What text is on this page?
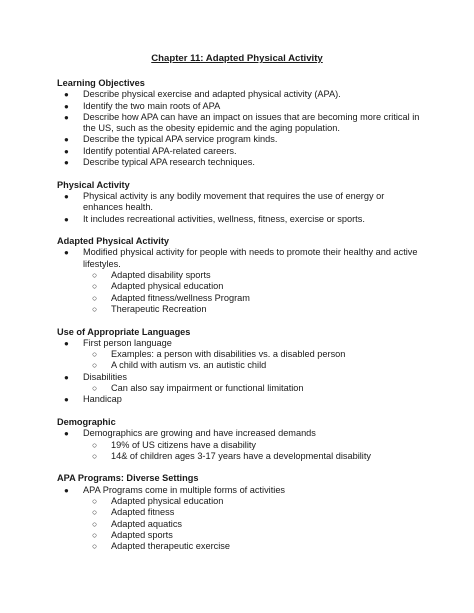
Chapter 11: Adapted Physical Activity
Learning Objectives
● Describe physical exercise and adapted physical activity (APA).
● Identify the two main roots of APA
● Describe how APA can have an impact on issues that are becoming more critical in the US, such as the obesity epidemic and the aging population.
● Describe the typical APA service program kinds.
● Identify potential APA-related careers.
● Describe typical APA research techniques.
Physical Activity
● Physical activity is any bodily movement that requires the use of energy or enhances health.
● It includes recreational activities, wellness, fitness, exercise or sports.
Adapted Physical Activity
● Modified physical activity for people with needs to promote their healthy and active lifestyles.
○ Adapted disability sports
○ Adapted physical education
○ Adapted fitness/wellness Program
○ Therapeutic Recreation
Use of Appropriate Languages
● First person language
○ Examples: a person with disabilities vs. a disabled person
○ A child with autism vs. an autistic child
● Disabilities
○ Can also say impairment or functional limitation
● Handicap
Demographic
● Demographics are growing and have increased demands
○ 19% of US citizens have a disability
○ 14& of children ages 3-17 years have a developmental disability
APA Programs: Diverse Settings
● APA Programs come in multiple forms of activities
○ Adapted physical education
○ Adapted fitness
○ Adapted aquatics
○ Adapted sports
○ Adapted therapeutic exercise
